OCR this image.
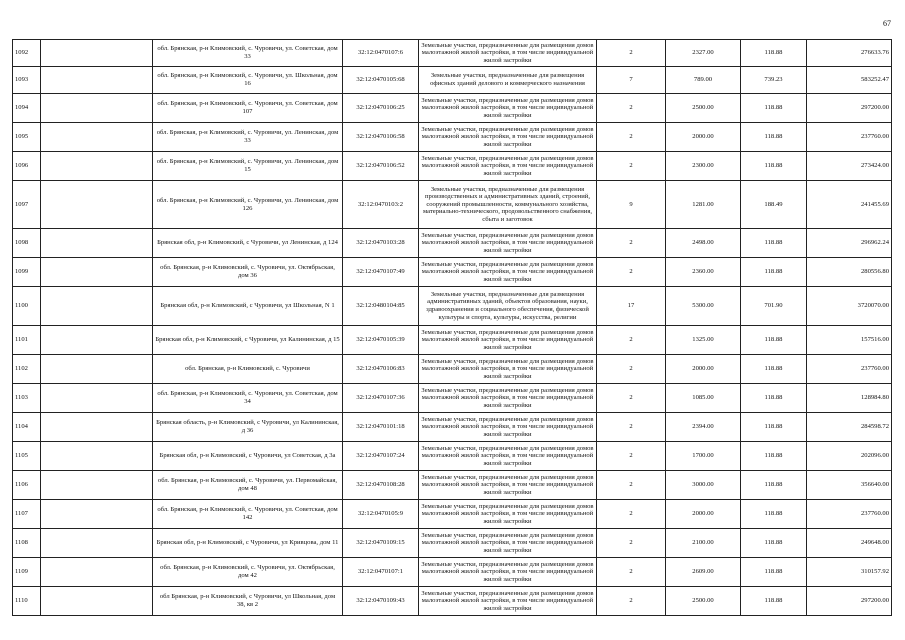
67
1092		обл. Брянская, р-н Климовский, с. Чуровичи, ул. Советская, дом 33	32:12:0470107:6	Земельные участки, предназначенные для размещения домов малоэтажной жилой застройки, в том числе индивидуальной жилой застройки	2	2327.00	118.88	276633.76
1093		обл. Брянская, р-н Климовский, с. Чуровичи, ул. Школьная, дом 16	32:12:0470105:68	Земельные участки, предназначенные для размещения офисных зданий делового и коммерческого назначения	7	789.00	739.23	583252.47
1094		обл. Брянская, р-н Климовский, с. Чуровичи, ул. Советская, дом 107	32:12:0470106:25	Земельные участки, предназначенные для размещения домов малоэтажной жилой застройки, в том числе индивидуальной жилой застройки	2	2500.00	118.88	297200.00
1095		обл. Брянская, р-н Климовский, с. Чуровичи, ул. Ленинская, дом 33	32:12:0470106:58	Земельные участки, предназначенные для размещения домов малоэтажной жилой застройки, в том числе индивидуальной жилой застройки	2	2000.00	118.88	237760.00
1096		обл. Брянская, р-н Климовский, с. Чуровичи, ул. Ленинская, дом 15	32:12:0470106:52	Земельные участки, предназначенные для размещения домов малоэтажной жилой застройки, в том числе индивидуальной жилой застройки	2	2300.00	118.88	273424.00
1097		обл. Брянская, р-н Климовский, с. Чуровичи, ул. Ленинская, дом 126	32:12:0470103:2	Земельные участки, предназначенные для размещения производственных и административных зданий, строений, сооружений промышленности, коммунального хозяйства, материально-технического, продовольственного снабжения, сбыта и заготовок	9	1281.00	188.49	241455.69
1098		Брянская обл, р-н Климовский, с Чуровичи, ул Ленинская, д 124	32:12:0470103:28	Земельные участки, предназначенные для размещения домов малоэтажной жилой застройки, в том числе индивидуальной жилой застройки	2	2498.00	118.88	296962.24
1099		обл. Брянская, р-н Климовский, с. Чуровичи, ул. Октябрьская, дом 36	32:12:0470107:49	Земельные участки, предназначенные для размещения домов малоэтажной жилой застройки, в том числе индивидуальной жилой застройки	2	2360.00	118.88	280556.80
1100		Брянская обл, р-н Климовский, с Чуровичи, ул Школьная, N 1	32:12:0480104:85	Земельные участки, предназначенные для размещения административных зданий, объектов образования, науки, здравоохранения и социального обеспечения, физической культуры и спорта, культуры, искусства, религии	17	5300.00	701.90	3720070.00
1101		Брянская обл, р-н Климовский, с Чуровичи, ул Калининская, д 15	32:12:0470105:39	Земельные участки, предназначенные для размещения домов малоэтажной жилой застройки, в том числе индивидуальной жилой застройки	2	1325.00	118.88	157516.00
1102		обл. Брянская, р-н Климовский, с. Чуровичи	32:12:0470106:83	Земельные участки, предназначенные для размещения домов малоэтажной жилой застройки, в том числе индивидуальной жилой застройки	2	2000.00	118.88	237760.00
1103		обл. Брянская, р-н Климовский, с. Чуровичи, ул. Советская, дом 34	32:12:0470107:36	Земельные участки, предназначенные для размещения домов малоэтажной жилой застройки, в том числе индивидуальной жилой застройки	2	1085.00	118.88	128984.80
1104		Брянская область, р-н Климовский, с Чуровичи, ул Калининская, д 36	32:12:0470101:18	Земельные участки, предназначенные для размещения домов малоэтажной жилой застройки, в том числе индивидуальной жилой застройки	2	2394.00	118.88	284598.72
1105		Брянская обл, р-н Климовский, с Чуровичи, ул Советская, д 3а	32:12:0470107:24	Земельные участки, предназначенные для размещения домов малоэтажной жилой застройки, в том числе индивидуальной жилой застройки	2	1700.00	118.88	202096.00
1106		обл. Брянская, р-н Климовский, с. Чуровичи, ул. Первомайская, дом 48	32:12:0470108:28	Земельные участки, предназначенные для размещения домов малоэтажной жилой застройки, в том числе индивидуальной жилой застройки	2	3000.00	118.88	356640.00
1107		обл. Брянская, р-н Климовский, с. Чуровичи, ул. Советская, дом 142	32:12:0470105:9	Земельные участки, предназначенные для размещения домов малоэтажной жилой застройки, в том числе индивидуальной жилой застройки	2	2000.00	118.88	237760.00
1108		Брянская обл, р-н Климовский, с Чуровичи, ул Кривцова, дом 11	32:12:0470109:15	Земельные участки, предназначенные для размещения домов малоэтажной жилой застройки, в том числе индивидуальной жилой застройки	2	2100.00	118.88	249648.00
1109		обл. Брянская, р-н Климовский, с. Чуровичи, ул. Октябрьская, дом 42	32:12:0470107:1	Земельные участки, предназначенные для размещения домов малоэтажной жилой застройки, в том числе индивидуальной жилой застройки	2	2609.00	118.88	310157.92
1110		обл Брянская, р-н Климовский, с Чуровичи, ул Школьная, дом 38, кв 2	32:12:0470109:43	Земельные участки, предназначенные для размещения домов малоэтажной жилой застройки, в том числе индивидуальной жилой застройки	2	2500.00	118.88	297200.00
